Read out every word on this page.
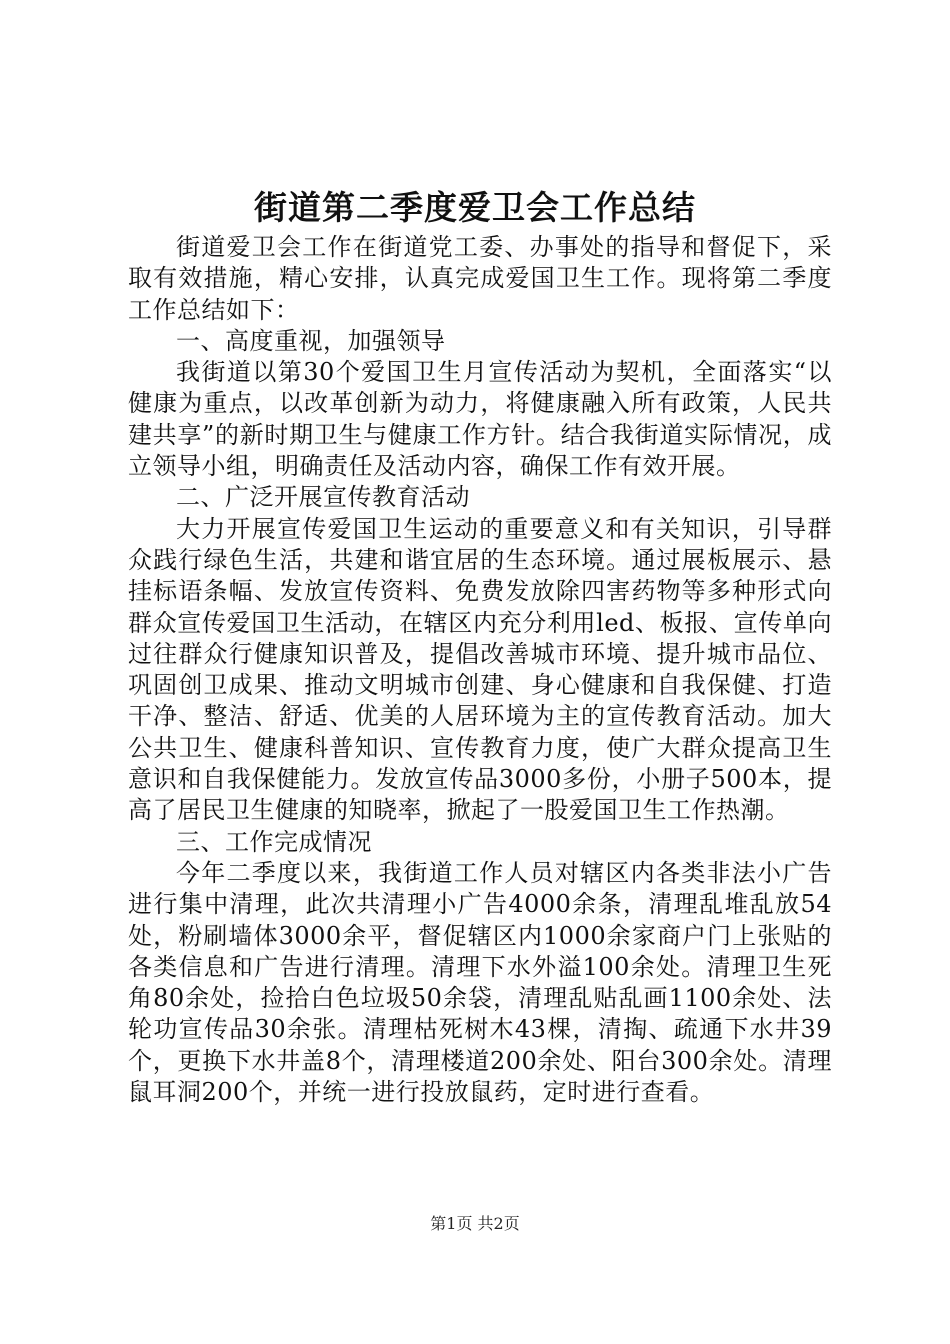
街道第二季度爱卫会工作总结

街道爱卫会工作在街道党工委、办事处的指导和督促下，采取有效措施，精心安排，认真完成爱国卫生工作。现将第二季度工作总结如下：

一、高度重视，加强领导

我街道以第30个爱国卫生月宣传活动为契机，全面落实“以健康为重点，以改革创新为动力，将健康融入所有政策，人民共建共享”的新时期卫生与健康工作方针。结合我街道实际情况，成立领导小组，明确责任及活动内容，确保工作有效开展。

二、广泛开展宣传教育活动

大力开展宣传爱国卫生运动的重要意义和有关知识，引导群众践行绿色生活，共建和谐宜居的生态环境。通过展板展示、悬挂标语条幅、发放宣传资料、免费发放除四害药物等多种形式向群众宣传爱国卫生活动，在辖区内充分利用led、板报、宣传单向过往群众行健康知识普及，提倡改善城市环境、提升城市品位、巩固创卫成果、推动文明城市创建、身心健康和自我保健、打造干净、整洁、舒适、优美的人居环境为主的宣传教育活动。加大公共卫生、健康科普知识、宣传教育力度，使广大群众提高卫生意识和自我保健能力。发放宣传品3000多份，小册子500本，提高了居民卫生健康的知晓率，掀起了一股爱国卫生工作热潮。

三、工作完成情况

今年二季度以来，我街道工作人员对辖区内各类非法小广告进行集中清理，此次共清理小广告4000余条，清理乱堆乱放54处，粉刷墙体3000余平，督促辖区内1000余家商户门上张贴的各类信息和广告进行清理。清理下水外溢100余处。清理卫生死角80余处，捡拾白色垃圾50余袋，清理乱贴乱画1100余处、法轮功宣传品30余张。清理枯死树木43棵，清掏、疏通下水井39个，更换下水井盖8个，清理楼道200余处、阳台300余处。清理鼠耳洞200个，并统一进行投放鼠药，定时进行查看。

第1页 共2页
